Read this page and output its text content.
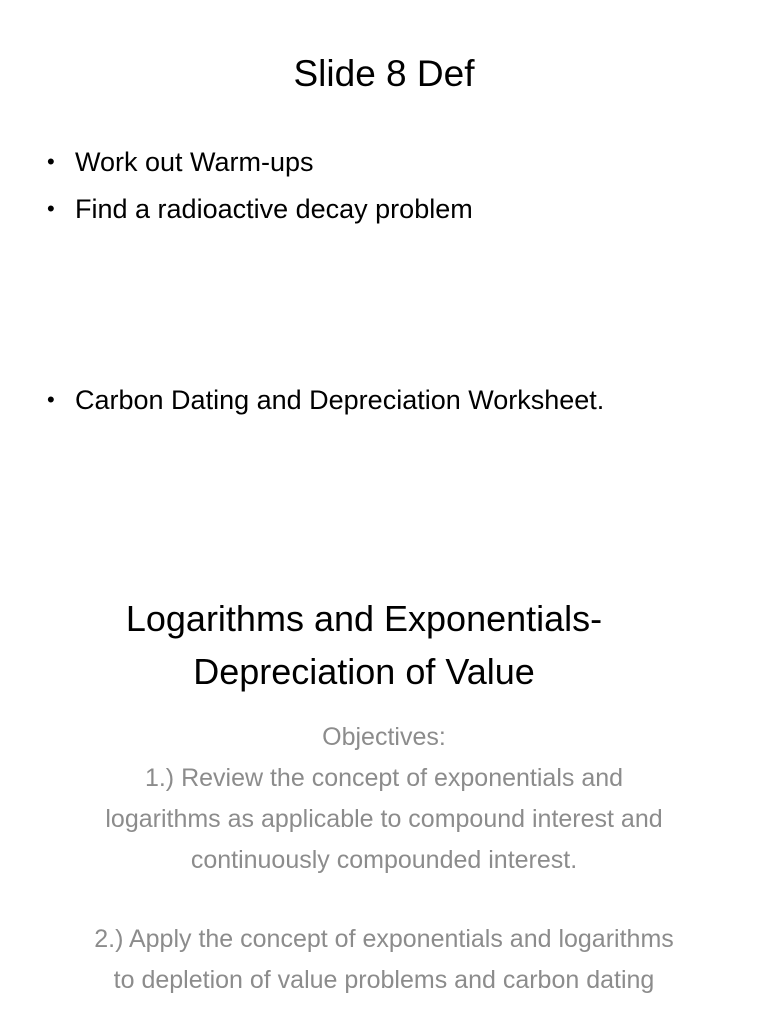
Slide 8 Def
• Work out Warm-ups
• Find a radioactive decay problem
• Carbon Dating and Depreciation Worksheet.
Logarithms and Exponentials-
Depreciation of Value

Objectives:

1.) Review the concept of exponentials and
logarithms as applicable to compound interest and
continuously compounded interest.

2.) Apply the concept of exponentials and logarithms
to depletion of value problems and carbon dating
